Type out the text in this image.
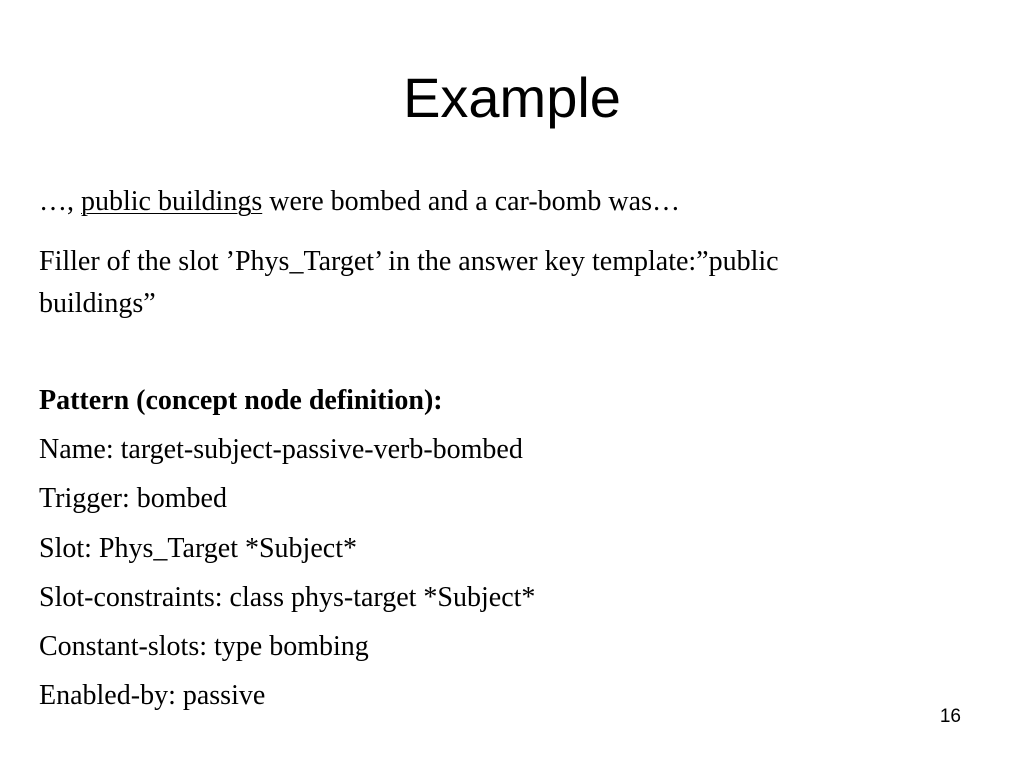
Example
…, public buildings were bombed and a car-bomb was…
Filler of the slot ’Phys_Target’ in the answer key template:”public
buildings”
Pattern (concept node definition):
Name: target-subject-passive-verb-bombed
Trigger: bombed
Slot: Phys_Target *Subject*
Slot-constraints: class phys-target *Subject*
Constant-slots: type bombing
Enabled-by: passive
16
